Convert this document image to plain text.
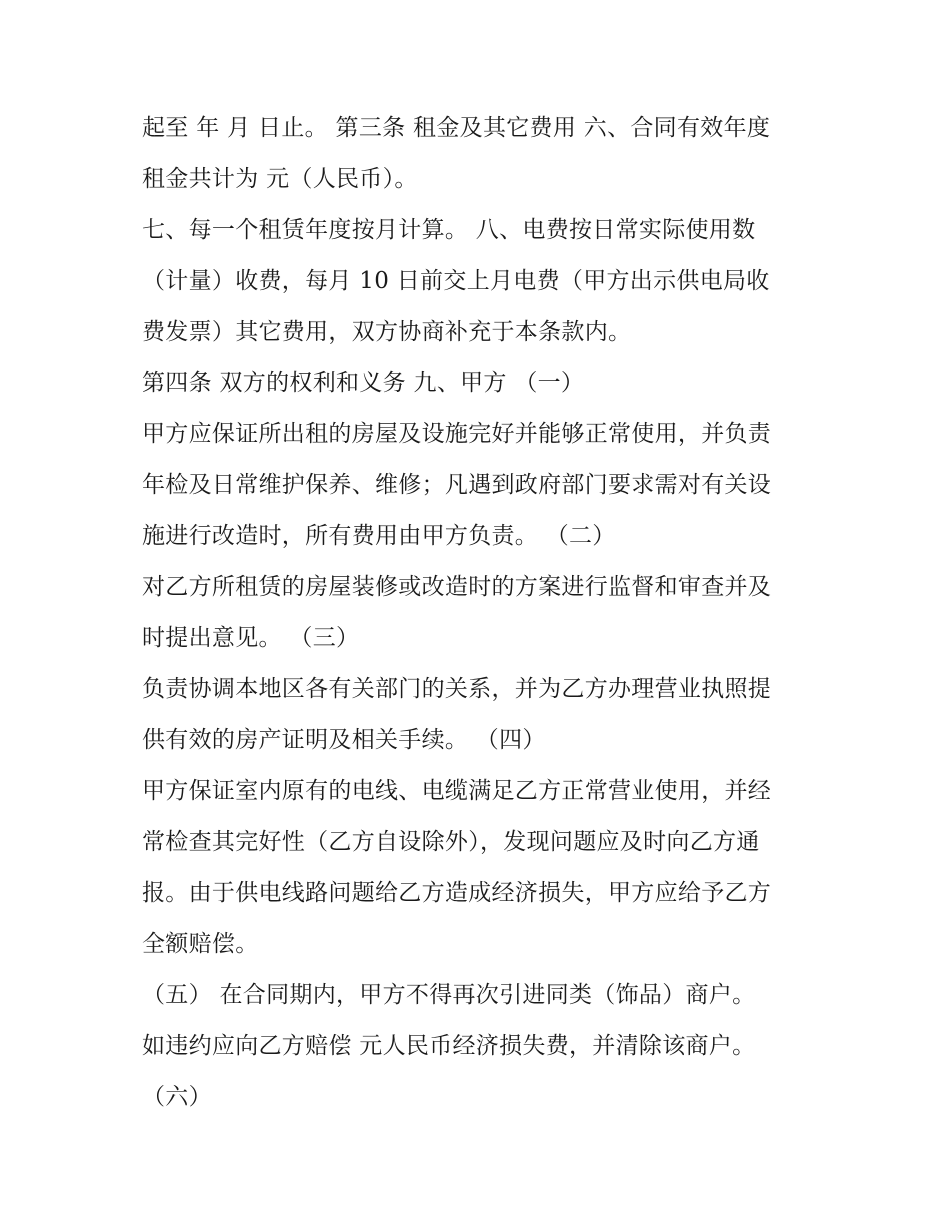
起至 年 月 日止。 第三条 租金及其它费用 六、合同有效年度
租金共计为 元（人民币）。
七、每一个租赁年度按月计算。 八、电费按日常实际使用数
（计量）收费，每月 10 日前交上月电费（甲方出示供电局收
费发票）其它费用，双方协商补充于本条款内。
第四条 双方的权利和义务 九、甲方 （一）
甲方应保证所出租的房屋及设施完好并能够正常使用，并负责
年检及日常维护保养、维修；凡遇到政府部门要求需对有关设
施进行改造时，所有费用由甲方负责。 （二）
对乙方所租赁的房屋装修或改造时的方案进行监督和审查并及
时提出意见。 （三）
负责协调本地区各有关部门的关系，并为乙方办理营业执照提
供有效的房产证明及相关手续。 （四）
甲方保证室内原有的电线、电缆满足乙方正常营业使用，并经
常检查其完好性（乙方自设除外），发现问题应及时向乙方通
报。由于供电线路问题给乙方造成经济损失，甲方应给予乙方
全额赔偿。
（五） 在合同期内，甲方不得再次引进同类（饰品）商户。
如违约应向乙方赔偿 元人民币经济损失费，并清除该商户。
（六）
